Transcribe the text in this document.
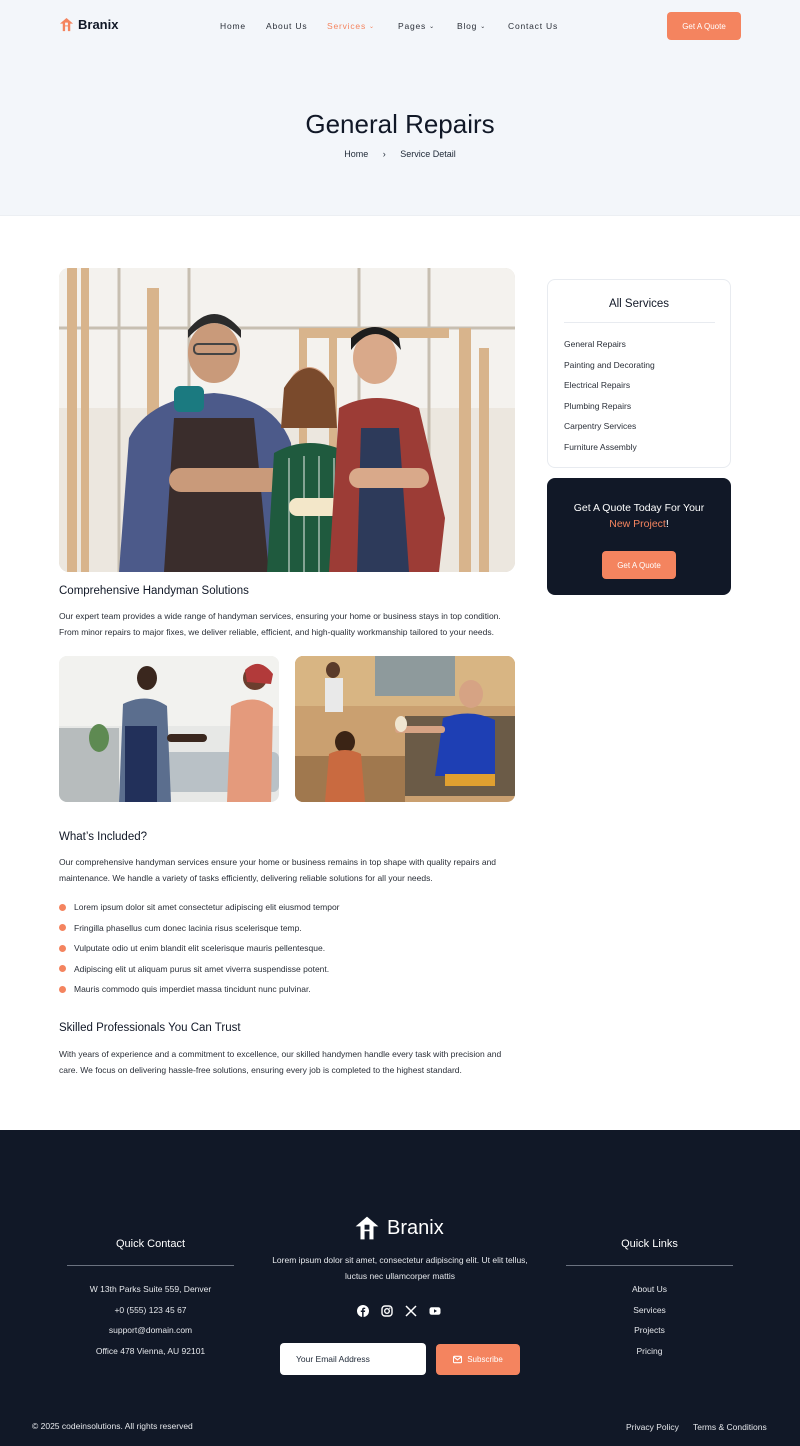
Branix	Home About Us Services ⌄	Pages ⌄	Blog ⌄	Contact Us	Get A Quote
General Repairs
Home › Service Detail
Comprehensive Handyman Solutions

Our expert team provides a wide range of handyman services, ensuring your home or business stays in top condition. From minor repairs to major fixes, we deliver reliable, efficient, and high-quality workmanship tailored to your needs.

What’s Included?

Our comprehensive handyman services ensure your home or business remains in top shape with quality repairs and maintenance. We handle a variety of tasks efficiently, delivering reliable solutions for all your needs.

Lorem ipsum dolor sit amet consectetur adipiscing elit eiusmod tempor
Fringilla phasellus cum donec lacinia risus scelerisque temp.
Vulputate odio ut enim blandit elit scelerisque mauris pellentesque.
Adipiscing elit ut aliquam purus sit amet viverra suspendisse potent.
Mauris commodo quis imperdiet massa tincidunt nunc pulvinar.
Skilled Professionals You Can Trust

With years of experience and a commitment to excellence, our skilled handymen handle every task with precision and care. We focus on delivering hassle-free solutions, ensuring every job is completed to the highest standard.

All Services
General Repairs
Painting and Decorating
Electrical Repairs
Plumbing Repairs
Carpentry Services
Furniture Assembly
Get A Quote Today For Your
New Project!
Get A Quote
Quick Contact
W 13th Parks Suite 559, Denver
+0 (555) 123 45 67
support@domain.com
Office 478 Vienna, AU 92101
Branix

Lorem ipsum dolor sit amet, consectetur adipiscing elit. Ut elit tellus, luctus nec ullamcorper mattis

Your Email Address
Subscribe
Quick Links
About Us
Services
Projects
Pricing
© 2025 codeinsolutions. All rights reserved	Privacy Policy Terms & Conditions
